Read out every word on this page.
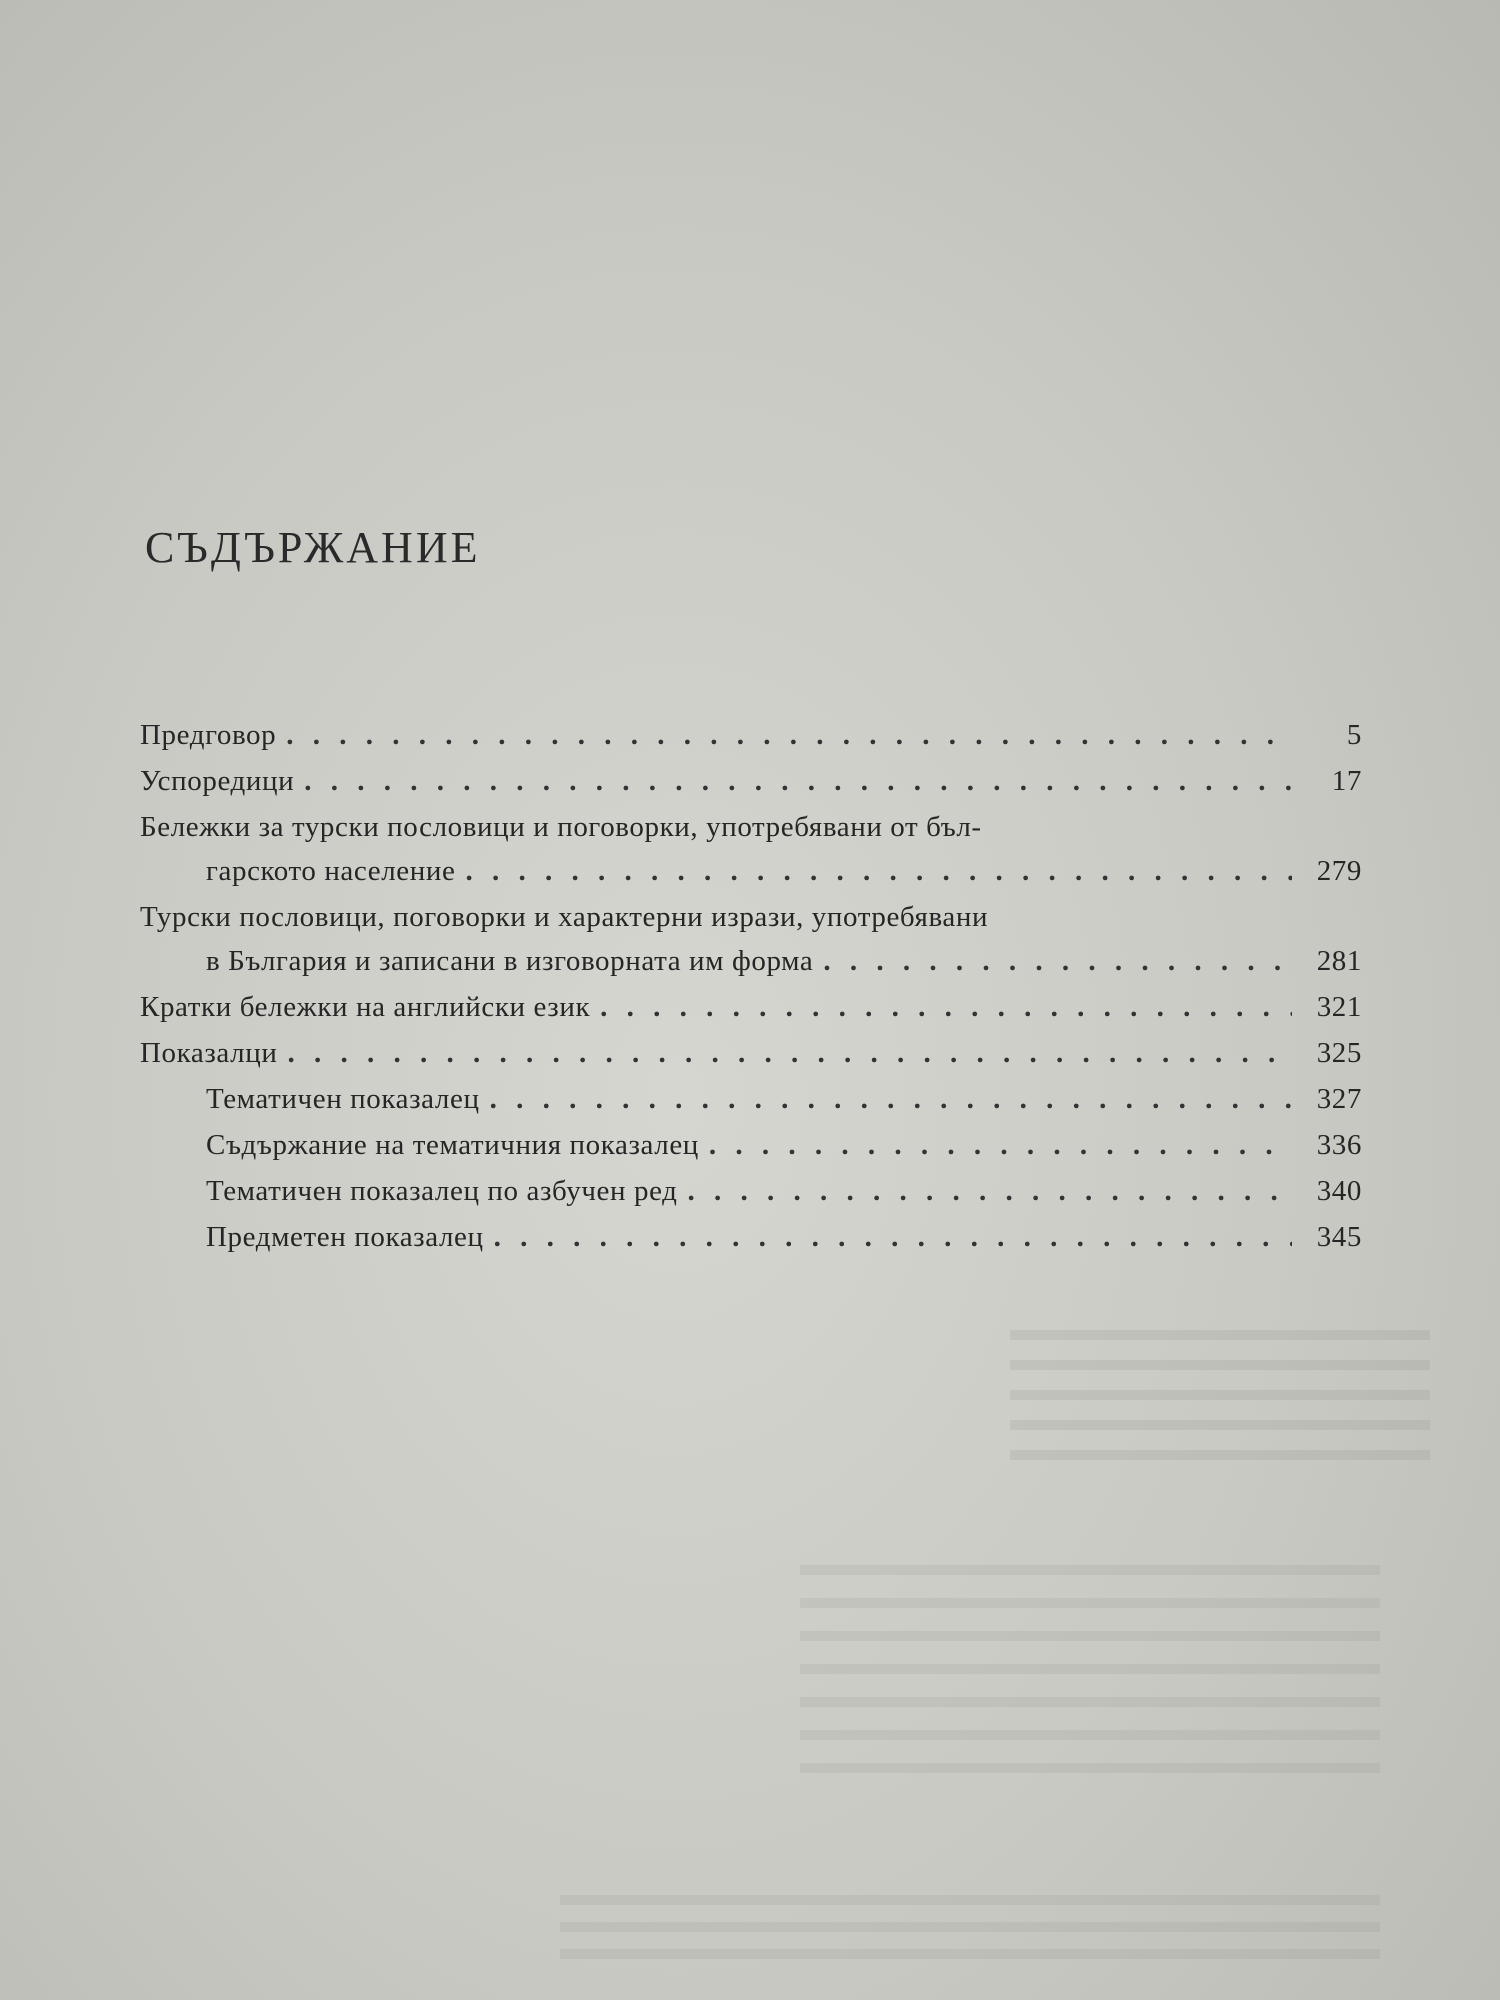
СЪДЪРЖАНИЕ
Предговор . . .	5
Успоредици . . .	17
Бележки за турски пословици и поговорки, употребявани от бъл-
гарското население . . .	279
Турски пословици, поговорки и характерни изрази, употребявани
в България и записани в изговорната им форма . . .	281
Кратки бележки на английски език . . .	321
Показалци . . .	325
Тематичен показалец . . .	327
Съдържание на тематичния показалец . . .	336
Тематичен показалец по азбучен ред . . .	340
Предметен показалец . . .	345
